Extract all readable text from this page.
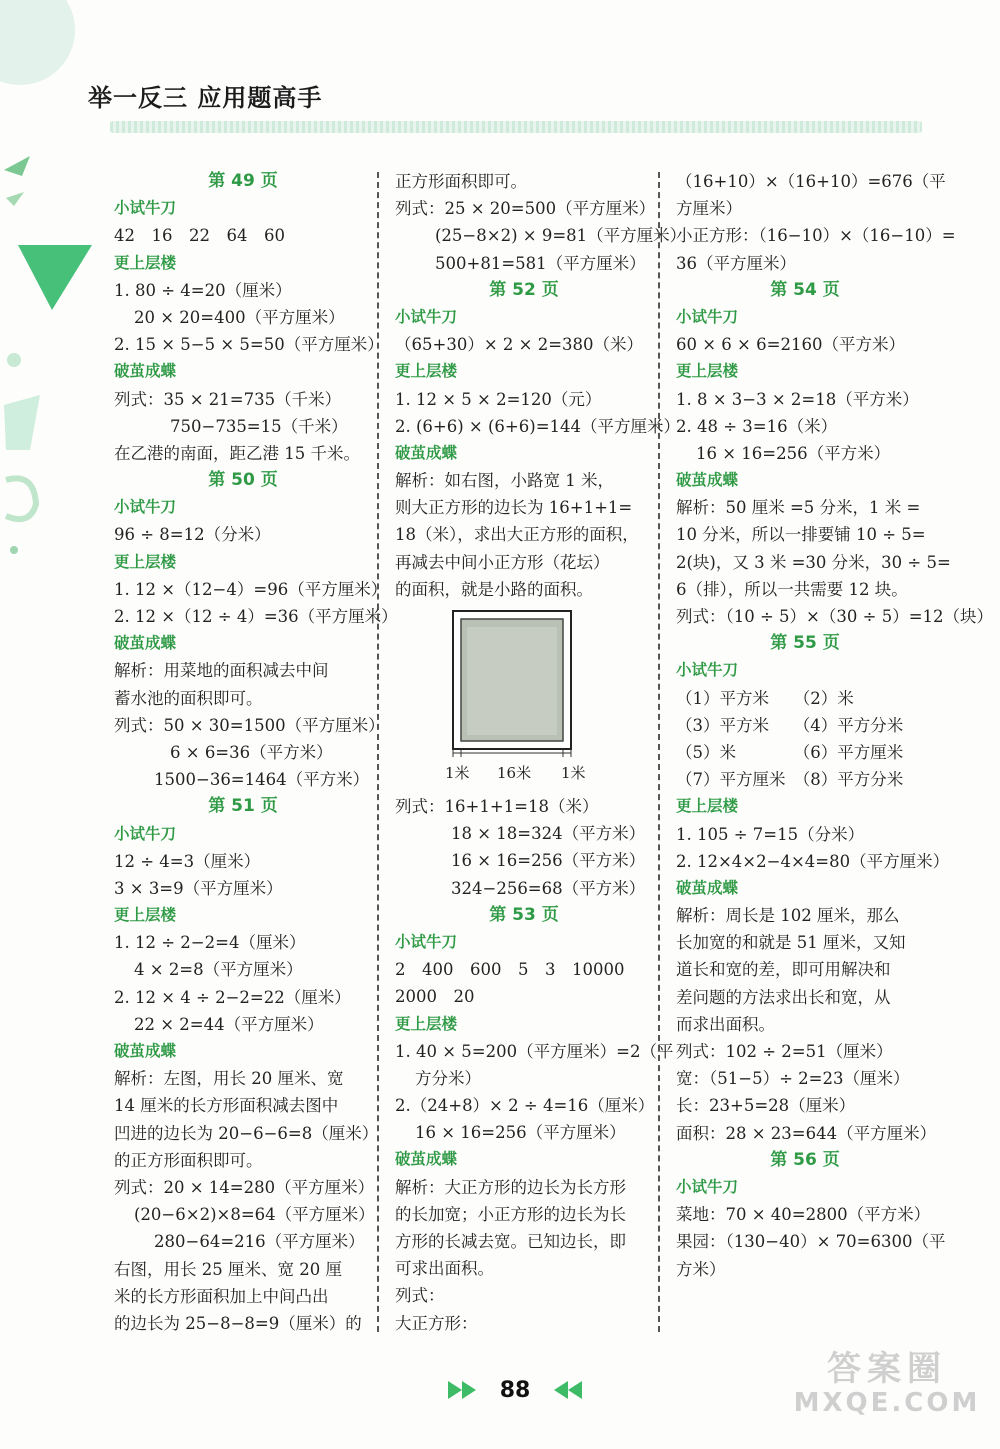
举一反三 应用题高手
第 49 页
小试牛刀
42　16　22　64　60
更上层楼
1. 80 ÷ 4=20（厘米）
20 × 20=400（平方厘米）
2. 15 × 5−5 × 5=50（平方厘米）
破茧成蝶
列式：35 × 21=735（千米）
750−735=15（千米）
在乙港的南面，距乙港 15 千米。
第 50 页
小试牛刀
96 ÷ 8=12（分米）
更上层楼
1. 12 ×（12−4）=96（平方厘米）
2. 12 ×（12 ÷ 4）=36（平方厘米）
破茧成蝶
解析：用菜地的面积减去中间
蓄水池的面积即可。
列式：50 × 30=1500（平方厘米）
6 × 6=36（平方米）
1500−36=1464（平方米）
第 51 页
小试牛刀
12 ÷ 4=3（厘米）
3 × 3=9（平方厘米）
更上层楼
1. 12 ÷ 2−2=4（厘米）
4 × 2=8（平方厘米）
2. 12 × 4 ÷ 2−2=22（厘米）
22 × 2=44（平方厘米）
破茧成蝶
解析：左图，用长 20 厘米、宽
14 厘米的长方形面积减去图中
凹进的边长为 20−6−6=8（厘米）
的正方形面积即可。
列式：20 × 14=280（平方厘米）
(20−6×2)×8=64（平方厘米）
280−64=216（平方厘米）
右图，用长 25 厘米、宽 20 厘
米的长方形面积加上中间凸出
的边长为 25−8−8=9（厘米）的
正方形面积即可。
列式：25 × 20=500（平方厘米）
(25−8×2) × 9=81（平方厘米）
500+81=581（平方厘米）
第 52 页
小试牛刀
（65+30）× 2 × 2=380（米）
更上层楼
1. 12 × 5 × 2=120（元）
2. (6+6) × (6+6)=144（平方厘米）
破茧成蝶
解析：如右图，小路宽 1 米，
则大正方形的边长为 16+1+1=
18（米），求出大正方形的面积，
再减去中间小正方形（花坛）
的面积，就是小路的面积。
1米 16米 1米
列式：16+1+1=18（米）
18 × 18=324（平方米）
16 × 16=256（平方米）
324−256=68（平方米）
第 53 页
小试牛刀
2　400　600　5　3　10000
2000　20
更上层楼
1. 40 × 5=200（平方厘米）=2（平
方分米）
2.（24+8）× 2 ÷ 4=16（厘米）
16 × 16=256（平方厘米）
破茧成蝶
解析：大正方形的边长为长方形
的长加宽；小正方形的边长为长
方形的长减去宽。已知边长，即
可求出面积。
列式：
大正方形：
（16+10）×（16+10）=676（平
方厘米）
小正方形：（16−10）×（16−10）=
36（平方厘米）
第 54 页
小试牛刀
60 × 6 × 6=2160（平方米）
更上层楼
1. 8 × 3−3 × 2=18（平方米）
2. 48 ÷ 3=16（米）
16 × 16=256（平方米）
破茧成蝶
解析：50 厘米 =5 分米，1 米 =
10 分米，所以一排要铺 10 ÷ 5=
2(块)，又 3 米 =30 分米，30 ÷ 5=
6（排），所以一共需要 12 块。
列式：（10 ÷ 5）×（30 ÷ 5）=12（块）
第 55 页
小试牛刀
（1）平方米　　（2）米
（3）平方米　　（4）平方分米
（5）米　　　　（6）平方厘米
（7）平方厘米　（8）平方分米
更上层楼
1. 105 ÷ 7=15（分米）
2. 12×4×2−4×4=80（平方厘米）
破茧成蝶
解析：周长是 102 厘米，那么
长加宽的和就是 51 厘米，又知
道长和宽的差，即可用解决和
差问题的方法求出长和宽，从
而求出面积。
列式：102 ÷ 2=51（厘米）
宽：（51−5）÷ 2=23（厘米）
长：23+5=28（厘米）
面积：28 × 23=644（平方厘米）
第 56 页
小试牛刀
菜地：70 × 40=2800（平方米）
果园：（130−40）× 70=6300（平
方米）
88
答案圈
MXQE.COM
